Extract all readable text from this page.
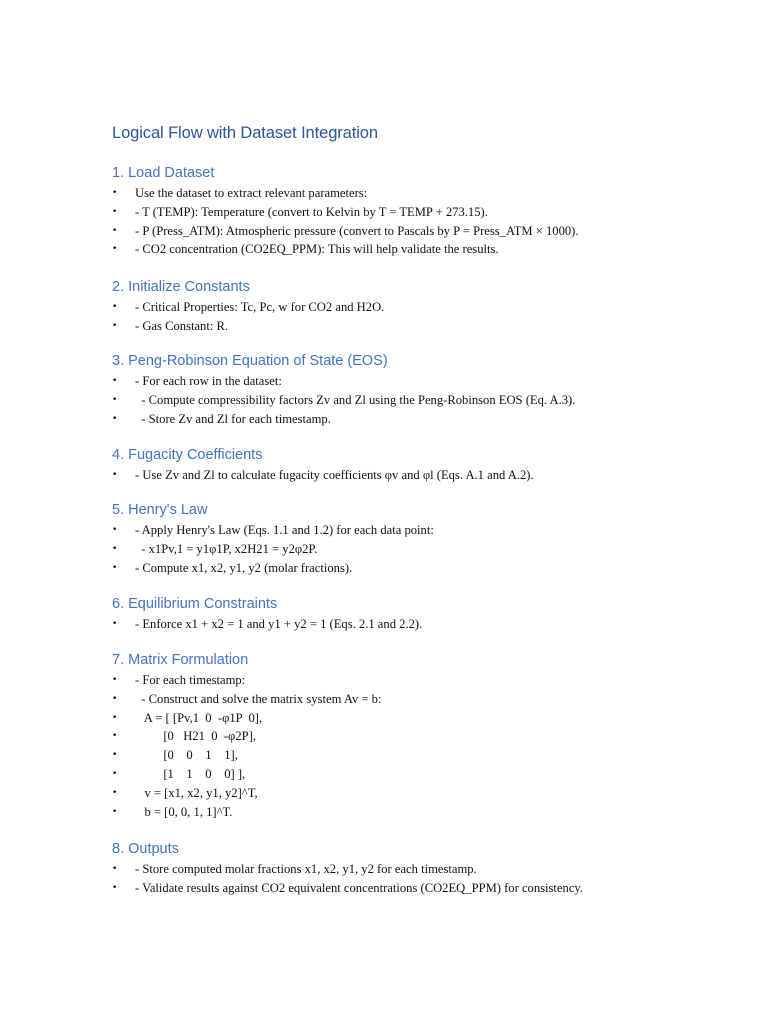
Logical Flow with Dataset Integration
1. Load Dataset
• Use the dataset to extract relevant parameters:
• - T (TEMP): Temperature (convert to Kelvin by T = TEMP + 273.15).
• - P (Press_ATM): Atmospheric pressure (convert to Pascals by P = Press_ATM × 1000).
• - CO2 concentration (CO2EQ_PPM): This will help validate the results.
2. Initialize Constants
• - Critical Properties: Tc, Pc, w for CO2 and H2O.
• - Gas Constant: R.
3. Peng-Robinson Equation of State (EOS)
• - For each row in the dataset:
• - Compute compressibility factors Zv and Zl using the Peng-Robinson EOS (Eq. A.3).
• - Store Zv and Zl for each timestamp.
4. Fugacity Coefficients
• - Use Zv and Zl to calculate fugacity coefficients φv and φl (Eqs. A.1 and A.2).
5. Henry's Law
• - Apply Henry's Law (Eqs. 1.1 and 1.2) for each data point:
• - x1Pv,1 = y1φ1P, x2H21 = y2φ2P.
• - Compute x1, x2, y1, y2 (molar fractions).
6. Equilibrium Constraints
• - Enforce x1 + x2 = 1 and y1 + y2 = 1 (Eqs. 2.1 and 2.2).
7. Matrix Formulation
• - For each timestamp:
• - Construct and solve the matrix system Av = b:
• A = [ [Pv,1  0  -φ1P  0],
• [0   H21  0  -φ2P],
• [0    0    1    1],
• [1    1    0    0] ],
• v = [x1, x2, y1, y2]^T,
• b = [0, 0, 1, 1]^T.
8. Outputs
• - Store computed molar fractions x1, x2, y1, y2 for each timestamp.
• - Validate results against CO2 equivalent concentrations (CO2EQ_PPM) for consistency.
